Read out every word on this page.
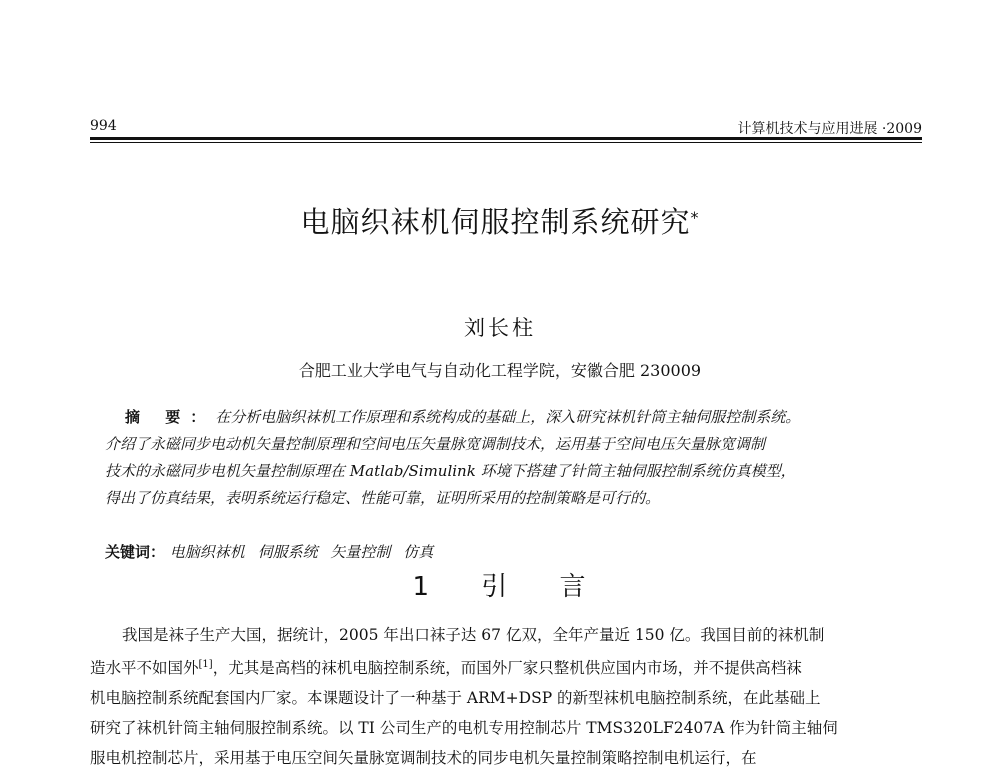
994	计算机技术与应用进展 ·2009
电脑织袜机伺服控制系统研究*
刘长柱
合肥工业大学电气与自动化工程学院，安徽合肥 230009
摘 要：在分析电脑织袜机工作原理和系统构成的基础上，深入研究袜机针筒主轴伺服控制系统。
介绍了永磁同步电动机矢量控制原理和空间电压矢量脉宽调制技术，运用基于空间电压矢量脉宽调制
技术的永磁同步电机矢量控制原理在 Matlab/Simulink 环境下搭建了针筒主轴伺服控制系统仿真模型，
得出了仿真结果，表明系统运行稳定、性能可靠，证明所采用的控制策略是可行的。
关键词： 电脑织袜机 伺服系统 矢量控制 仿真
1 引 言
我国是袜子生产大国，据统计，2005 年出口袜子达 67 亿双，全年产量近 150 亿。我国目前的袜机制
造水平不如国外[1]，尤其是高档的袜机电脑控制系统，而国外厂家只整机供应国内市场，并不提供高档袜
机电脑控制系统配套国内厂家。本课题设计了一种基于 ARM+DSP 的新型袜机电脑控制系统，在此基础上
研究了袜机针筒主轴伺服控制系统。以 TI 公司生产的电机专用控制芯片 TMS320LF2407A 作为针筒主轴伺
服电机控制芯片，采用基于电压空间矢量脉宽调制技术的同步电机矢量控制策略控制电机运行，在
